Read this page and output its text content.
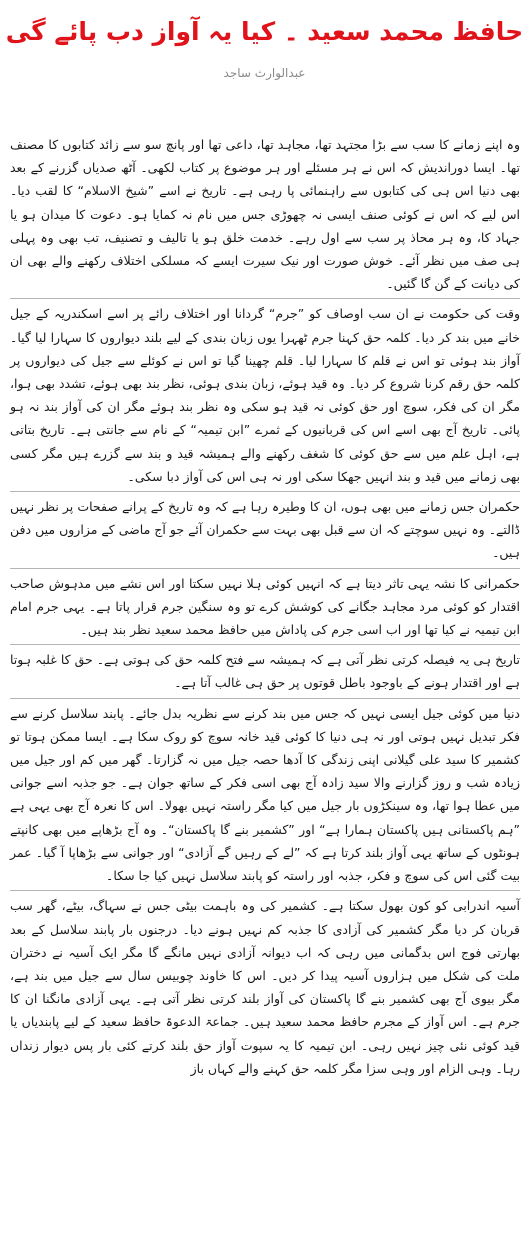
حافظ محمد سعید ۔ کیا یہ آواز دب پائے گی
عبدالوارث ساجد

وہ اپنے زمانے کا سب سے بڑا مجتہد تھا، مجاہد تھا، داعی تھا اور پانچ سو سے زائد کتابوں کا مصنف تھا۔ ایسا دوراندیش کہ اس نے ہر مسئلے اور ہر موضوع پر کتاب لکھی۔ آٹھ صدیاں گزرنے کے بعد بھی دنیا اس ہی کی کتابوں سے راہنمائی پا رہی ہے۔ تاریخ نے اسے ”شیخ الاسلام“ کا لقب دیا۔ اس لیے کہ اس نے کوئی صنف ایسی نہ چھوڑی جس میں نام نہ کمایا ہو۔ دعوت کا میدان ہو یا جہاد کا، وہ ہر محاذ پر سب سے اول رہے۔ خدمت خلق ہو یا تالیف و تصنیف، تب بھی وہ پہلی ہی صف میں نظر آئے۔ خوش صورت اور نیک سیرت ایسے کہ مسلکی اختلاف رکھنے والے بھی ان کی دیانت کے گن گا گئیں۔

وقت کی حکومت نے ان سب اوصاف کو ”جرم“ گردانا اور اختلاف رائے پر اسے اسکندریہ کے جیل خانے میں بند کر دیا۔ کلمہ حق کہنا جرم ٹھہرا یوں زبان بندی کے لیے بلند دیواروں کا سہارا لیا گیا۔ آواز بند ہوئی تو اس نے قلم کا سہارا لیا۔ قلم چھینا گیا تو اس نے کوئلے سے جیل کی دیواروں پر کلمہ حق رقم کرنا شروع کر دیا۔ وہ قید ہوئے، زبان بندی ہوئی، نظر بند بھی ہوئے، تشدد بھی ہوا، مگر ان کی فکر، سوچ اور حق کوئی نہ قید ہو سکی وہ نظر بند ہوئے مگر ان کی آواز بند نہ ہو پائی۔ تاریخ آج بھی اسے اس کی قربانیوں کے ثمرے ”ابن تیمیہ“ کے نام سے جانتی ہے۔ تاریخ بتاتی ہے، اہل علم میں سے حق کوئی کا شغف رکھنے والے ہمیشہ قید و بند سے گزرے ہیں مگر کسی بھی زمانے میں قید و بند انہیں جھکا سکی اور نہ ہی اس کی آواز دبا سکی۔

حکمران جس زمانے میں بھی ہوں، ان کا وطیرہ رہا ہے کہ وہ تاریخ کے پرانے صفحات پر نظر نہیں ڈالتے۔ وہ نہیں سوچتے کہ ان سے قبل بھی بہت سے حکمران آئے جو آج ماضی کے مزاروں میں دفن ہیں۔

حکمرانی کا نشہ یہی تاثر دیتا ہے کہ انہیں کوئی ہلا نہیں سکتا اور اس نشے میں مدہوش صاحب اقتدار کو کوئی مرد مجاہد جگانے کی کوشش کرے تو وہ سنگین جرم قرار پاتا ہے۔ یہی جرم امام ابن تیمیہ نے کیا تھا اور اب اسی جرم کی پاداش میں حافظ محمد سعید نظر بند ہیں۔

تاریخ ہی یہ فیصلہ کرتی نظر آتی ہے کہ ہمیشہ سے فتح کلمہ حق کی ہوتی ہے۔ حق کا غلبہ ہوتا ہے اور اقتدار ہونے کے باوجود باطل قوتوں پر حق ہی غالب آتا ہے۔

دنیا میں کوئی جیل ایسی نہیں کہ جس میں بند کرنے سے نظریہ بدل جائے۔ پابند سلاسل کرنے سے فکر تبدیل نہیں ہوتی اور نہ ہی دنیا کا کوئی قید خانہ سوچ کو روک سکا ہے۔ ایسا ممکن ہوتا تو کشمیر کا سید علی گیلانی اپنی زندگی کا آدھا حصہ جیل میں نہ گزارتا۔ گھر میں کم اور جیل میں زیادہ شب و روز گزارنے والا سید زادہ آج بھی اسی فکر کے ساتھ جوان ہے۔ جو جذبہ اسے جوانی میں عطا ہوا تھا، وہ سینکڑوں بار جیل میں کیا مگر راستہ نہیں بھولا۔ اس کا نعرہ آج بھی یہی ہے ”ہم پاکستانی ہیں پاکستان ہمارا ہے“ اور ”کشمیر بنے گا پاکستان“۔ وہ آج بڑھاپے میں بھی کانپتے ہونٹوں کے ساتھ یہی آواز بلند کرتا ہے کہ ”لے کے رہیں گے آزادی“ اور جوانی سے بڑھاپا آ گیا۔ عمر بیت گئی اس کی سوچ و فکر، جذبہ اور راستہ کو پابند سلاسل نہیں کیا جا سکا۔

آسیہ اندرابی کو کون بھول سکتا ہے۔ کشمیر کی وہ باہمت بیٹی جس نے سہاگ، بیٹے، گھر سب قربان کر دیا مگر کشمیر کی آزادی کا جذبہ کم نہیں ہونے دیا۔ درجنوں بار پابند سلاسل کے بعد بھارتی فوج اس بدگمانی میں رہی کہ اب دیوانہ آزادی نہیں مانگے گا مگر ایک آسیہ نے دختران ملت کی شکل میں ہزاروں آسیہ پیدا کر دیں۔ اس کا خاوند چوبیس سال سے جیل میں بند ہے، مگر بیوی آج بھی کشمیر بنے گا پاکستان کی آواز بلند کرتی نظر آتی ہے۔ یہی آزادی مانگنا ان کا جرم ہے۔ اس آواز کے مجرم حافظ محمد سعید ہیں۔ جماعۃ الدعوۃ حافظ سعید کے لیے پابندیاں یا قید کوئی نئی چیز نہیں رہی۔ ابن تیمیہ کا یہ سپوت آواز حق بلند کرتے کئی بار پس دیوار زنداں رہا۔ وہی الزام اور وہی سزا مگر کلمہ حق کہنے والے کہاں باز
